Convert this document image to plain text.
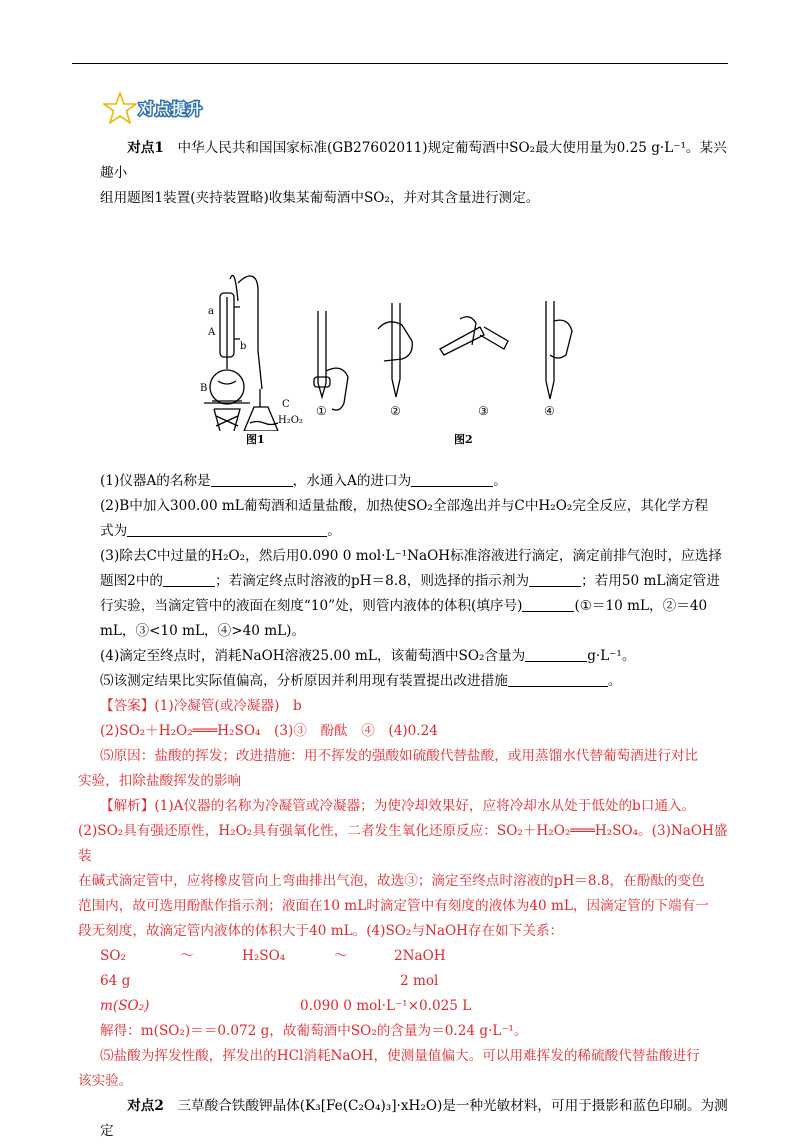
对点提升

对点1　 中华人民共和国国家标准(GB27602011)规定葡萄酒中SO₂最大使用量为0.25 g·L⁻¹。某兴趣小

组用题图1装置(夹持装置略)收集某葡萄酒中SO₂，并对其含量进行测定。

a
A
b
B
C
H₂O₂
①	②	③	④
图1	图2

(1)仪器A的名称是	，水通入A的进口为	。

(2)B中加入300.00 mL葡萄酒和适量盐酸，加热使SO₂全部逸出并与C中H₂O₂完全反应，其化学方程

式为	。

(3)除去C中过量的H₂O₂，然后用0.090 0 mol·L⁻¹NaOH标准溶液进行滴定，滴定前排气泡时，应选择

题图2中的	；若滴定终点时溶液的pH＝8.8，则选择的指示剂为	；若用50 mL滴定管进

行实验，当滴定管中的液面在刻度“10”处，则管内液体的体积(填序号)	(①＝10 mL，②＝40

mL，③<10 mL，④>40 mL)。

(4)滴定至终点时，消耗NaOH溶液25.00 mL，该葡萄酒中SO₂含量为	g·L⁻¹。

⑸该测定结果比实际值偏高，分析原因并利用现有装置提出改进措施	。

【答案】(1)冷凝管(或冷凝器)　b

(2)SO₂＋H₂O₂═══H₂SO₄　(3)③　酚酞　④　(4)0.24

⑸原因：盐酸的挥发；改进措施：用不挥发的强酸如硫酸代替盐酸，或用蒸馏水代替葡萄酒进行对比

实验，扣除盐酸挥发的影响

【解析】(1)A仪器的名称为冷凝管或冷凝器；为使冷却效果好，应将冷却水从处于低处的b口通入。

(2)SO₂具有强还原性，H₂O₂具有强氧化性，二者发生氧化还原反应：SO₂＋H₂O₂═══H₂SO₄。(3)NaOH盛装

在碱式滴定管中，应将橡皮管向上弯曲排出气泡，故选③；滴定至终点时溶液的pH＝8.8，在酚酞的变色

范围内，故可选用酚酞作指示剂；液面在10 mL时滴定管中有刻度的液体为40 mL，因滴定管的下端有一

段无刻度，故滴定管内液体的体积大于40 mL。(4)SO₂与NaOH存在如下关系：

SO₂	～	H₂SO₄	～	2NaOH
64 g	2 mol
m(SO₂)	0.090 0 mol·L⁻¹×0.025 L

解得：m(SO₂)＝＝0.072 g，故葡萄酒中SO₂的含量为＝0.24 g·L⁻¹。

⑸盐酸为挥发性酸，挥发出的HCl消耗NaOH，使测量值偏大。可以用难挥发的稀硫酸代替盐酸进行

该实验。

对点2　 三草酸合铁酸钾晶体(K₃[Fe(C₂O₄)₃]·xH₂O)是一种光敏材料，可用于摄影和蓝色印刷。为测定
